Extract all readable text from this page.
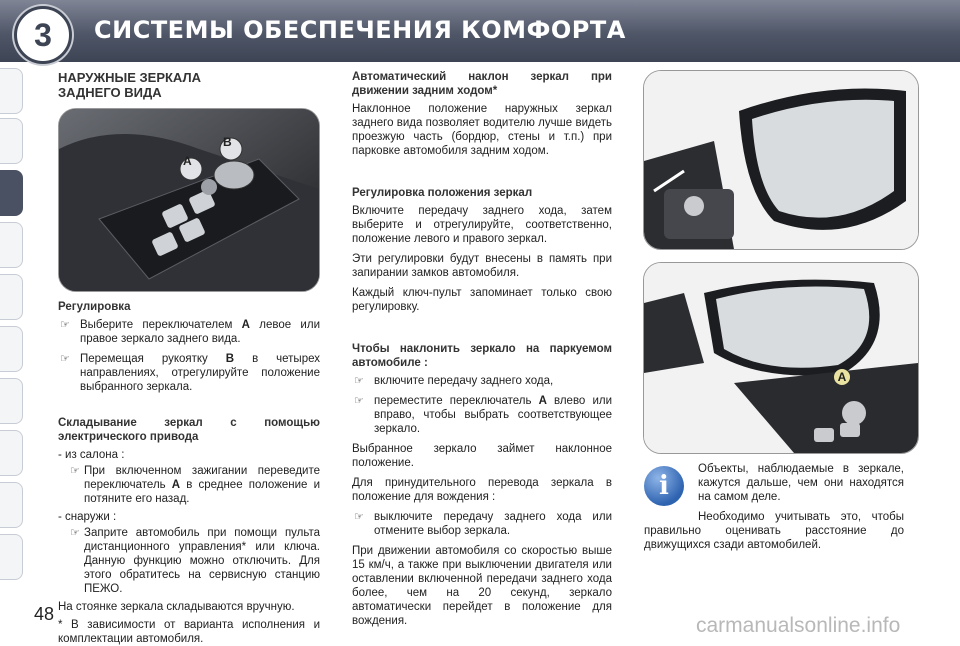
3	СИСТЕМЫ ОБЕСПЕЧЕНИЯ КОМФОРТА
НАРУЖНЫЕ ЗЕРКАЛА
ЗАДНЕГО ВИДА
A
B
Регулировка
☞ Выберите переключателем A левое или правое зеркало заднего вида.
☞ Перемещая рукоятку B в четырех направлениях, отрегулируйте положение выбранного зеркала.
Складывание зеркал с помощью электрического привода
- из салона :
☞ При включенном зажигании переведите переключатель A в среднее положение и потяните его назад.
- снаружи :
☞ Заприте автомобиль при помощи пульта дистанционного управления* или ключа. Данную функцию можно отключить. Для этого обратитесь на сервисную станцию ПЕЖО.
На стоянке зеркала складываются вручную.
* В зависимости от варианта исполнения и комплектации автомобиля.
Автоматический наклон зеркал при движении задним ходом*

Наклонное положение наружных зеркал заднего вида позволяет водителю лучше видеть проезжую часть (бордюр, стены и т.п.) при парковке автомобиля задним ходом.

Регулировка положения зеркал

Включите передачу заднего хода, затем выберите и отрегулируйте, соответственно, положение левого и правого зеркал.

Эти регулировки будут внесены в память при запирании замков автомобиля.

Каждый ключ-пульт запоминает только свою регулировку.

Чтобы наклонить зеркало на паркуемом автомобиле :
☞ включите передачу заднего хода,
☞ переместите переключатель A влево или вправо, чтобы выбрать соответствующее зеркало.

Выбранное зеркало займет наклонное положение.

Для принудительного перевода зеркала в положение для вождения :

☞ выключите передачу заднего хода или отмените выбор зеркала.

При движении автомобиля со скоростью выше 15 км/ч, а также при выключении двигателя или оставлении включенной передачи заднего хода более, чем на 20 секунд, зеркало автоматически перейдет в положение для вождения.

A
i

Объекты, наблюдаемые в зеркале, кажутся дальше, чем они находятся на самом деле.

Необходимо учитывать это, чтобы правильно оценивать расстояние до движущихся сзади автомобилей.

48	carmanualsonline.info
